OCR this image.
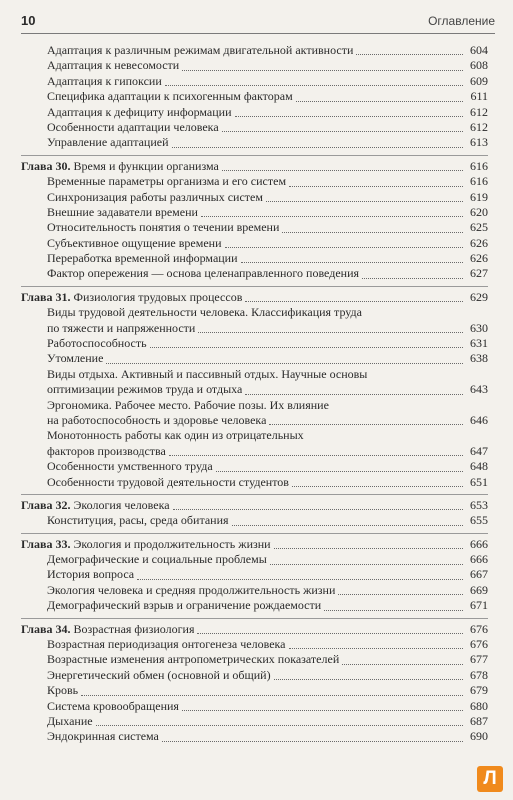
10	Оглавление
Адаптация к различным режимам двигательной активности	604
Адаптация к невесомости	608
Адаптация к гипоксии	609
Специфика адаптации к психогенным факторам	611
Адаптация к дефициту информации	612
Особенности адаптации человека	612
Управление адаптацией	613
Глава 30. Время и функции организма	616
Временные параметры организма и его систем	616
Синхронизация работы различных систем	619
Внешние задаватели времени	620
Относительность понятия о течении времени	625
Субъективное ощущение времени	626
Переработка временной информации	626
Фактор опережения — основа целенаправленного поведения	627
Глава 31. Физиология трудовых процессов	629
Виды трудовой деятельности человека. Классификация труда
по тяжести и напряженности	630
Работоспособность	631
Утомление	638
Виды отдыха. Активный и пассивный отдых. Научные основы
оптимизации режимов труда и отдыха	643
Эргономика. Рабочее место. Рабочие позы. Их влияние
на работоспособность и здоровье человека	646
Монотонность работы как один из отрицательных
факторов производства	647
Особенности умственного труда	648
Особенности трудовой деятельности студентов	651
Глава 32. Экология человека	653
Конституция, расы, среда обитания	655
Глава 33. Экология и продолжительность жизни	666
Демографические и социальные проблемы	666
История вопроса	667
Экология человека и средняя продолжительность жизни	669
Демографический взрыв и ограничение рождаемости	671
Глава 34. Возрастная физиология	676
Возрастная периодизация онтогенеза человека	676
Возрастные изменения антропометрических показателей	677
Энергетический обмен (основной и общий)	678
Кровь	679
Система кровообращения	680
Дыхание	687
Эндокринная система	690
Л
